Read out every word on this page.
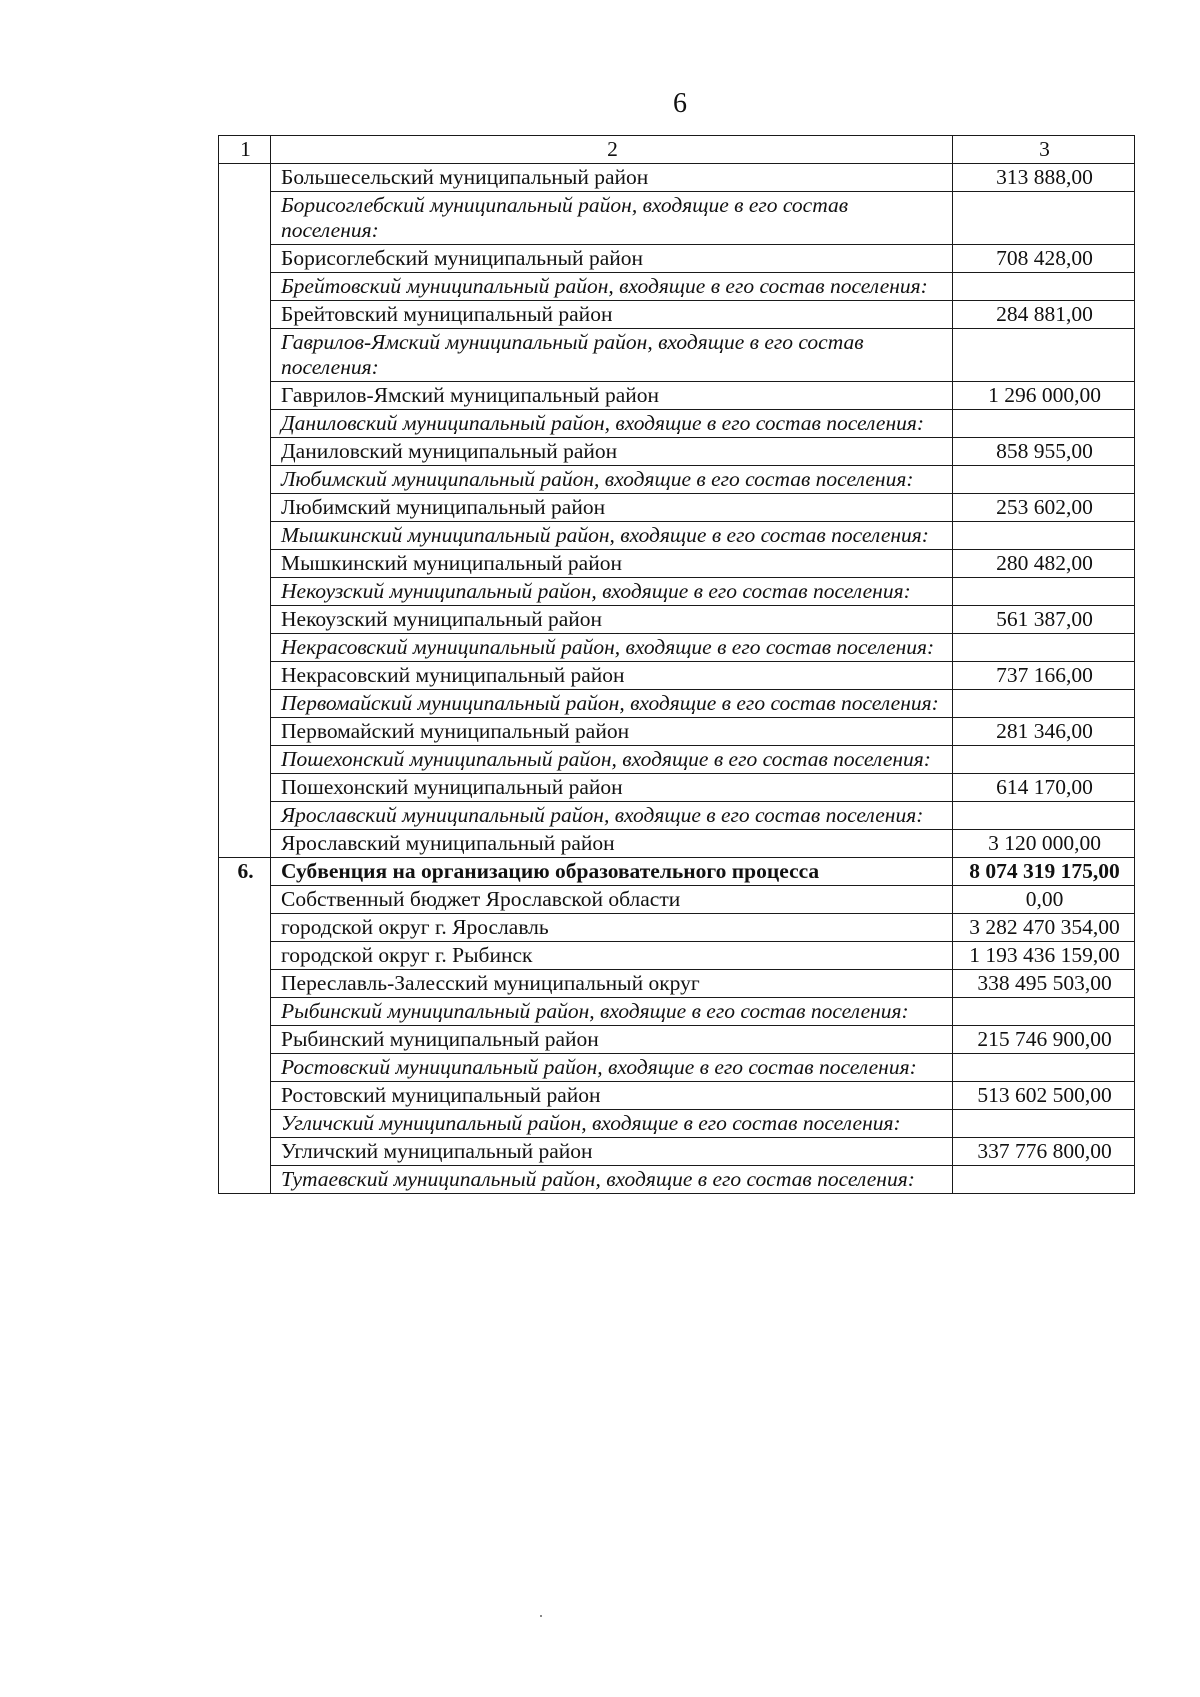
6
1	2	3
	Большесельский муниципальный район	313 888,00
	Борисоглебский муниципальный район, входящие в его состав поселения:	
	Борисоглебский муниципальный район	708 428,00
	Брейтовский муниципальный район, входящие в его состав поселения:	
	Брейтовский муниципальный район	284 881,00
	Гаврилов-Ямский муниципальный район, входящие в его состав поселения:	
	Гаврилов-Ямский муниципальный район	1 296 000,00
	Даниловский муниципальный район, входящие в его состав поселения:	
	Даниловский муниципальный район	858 955,00
	Любимский муниципальный район, входящие в его состав поселения:	
	Любимский муниципальный район	253 602,00
	Мышкинский муниципальный район, входящие в его состав поселения:	
	Мышкинский муниципальный район	280 482,00
	Некоузский муниципальный район, входящие в его состав поселения:	
	Некоузский муниципальный район	561 387,00
	Некрасовский муниципальный район, входящие в его состав поселения:	
	Некрасовский муниципальный район	737 166,00
	Первомайский муниципальный район, входящие в его состав поселения:	
	Первомайский муниципальный район	281 346,00
	Пошехонский муниципальный район, входящие в его состав поселения:	
	Пошехонский муниципальный район	614 170,00
	Ярославский муниципальный район, входящие в его состав поселения:	
	Ярославский муниципальный район	3 120 000,00
6.	Субвенция на организацию образовательного процесса	8 074 319 175,00
	Собственный бюджет Ярославской области	0,00
	городской округ г. Ярославль	3 282 470 354,00
	городской округ г. Рыбинск	1 193 436 159,00
	Переславль-Залесский муниципальный округ	338 495 503,00
	Рыбинский муниципальный район, входящие в его состав поселения:	
	Рыбинский муниципальный район	215 746 900,00
	Ростовский муниципальный район, входящие в его состав поселения:	
	Ростовский муниципальный район	513 602 500,00
	Угличский муниципальный район, входящие в его состав поселения:	
	Угличский муниципальный район	337 776 800,00
	Тутаевский муниципальный район, входящие в его состав поселения:	
